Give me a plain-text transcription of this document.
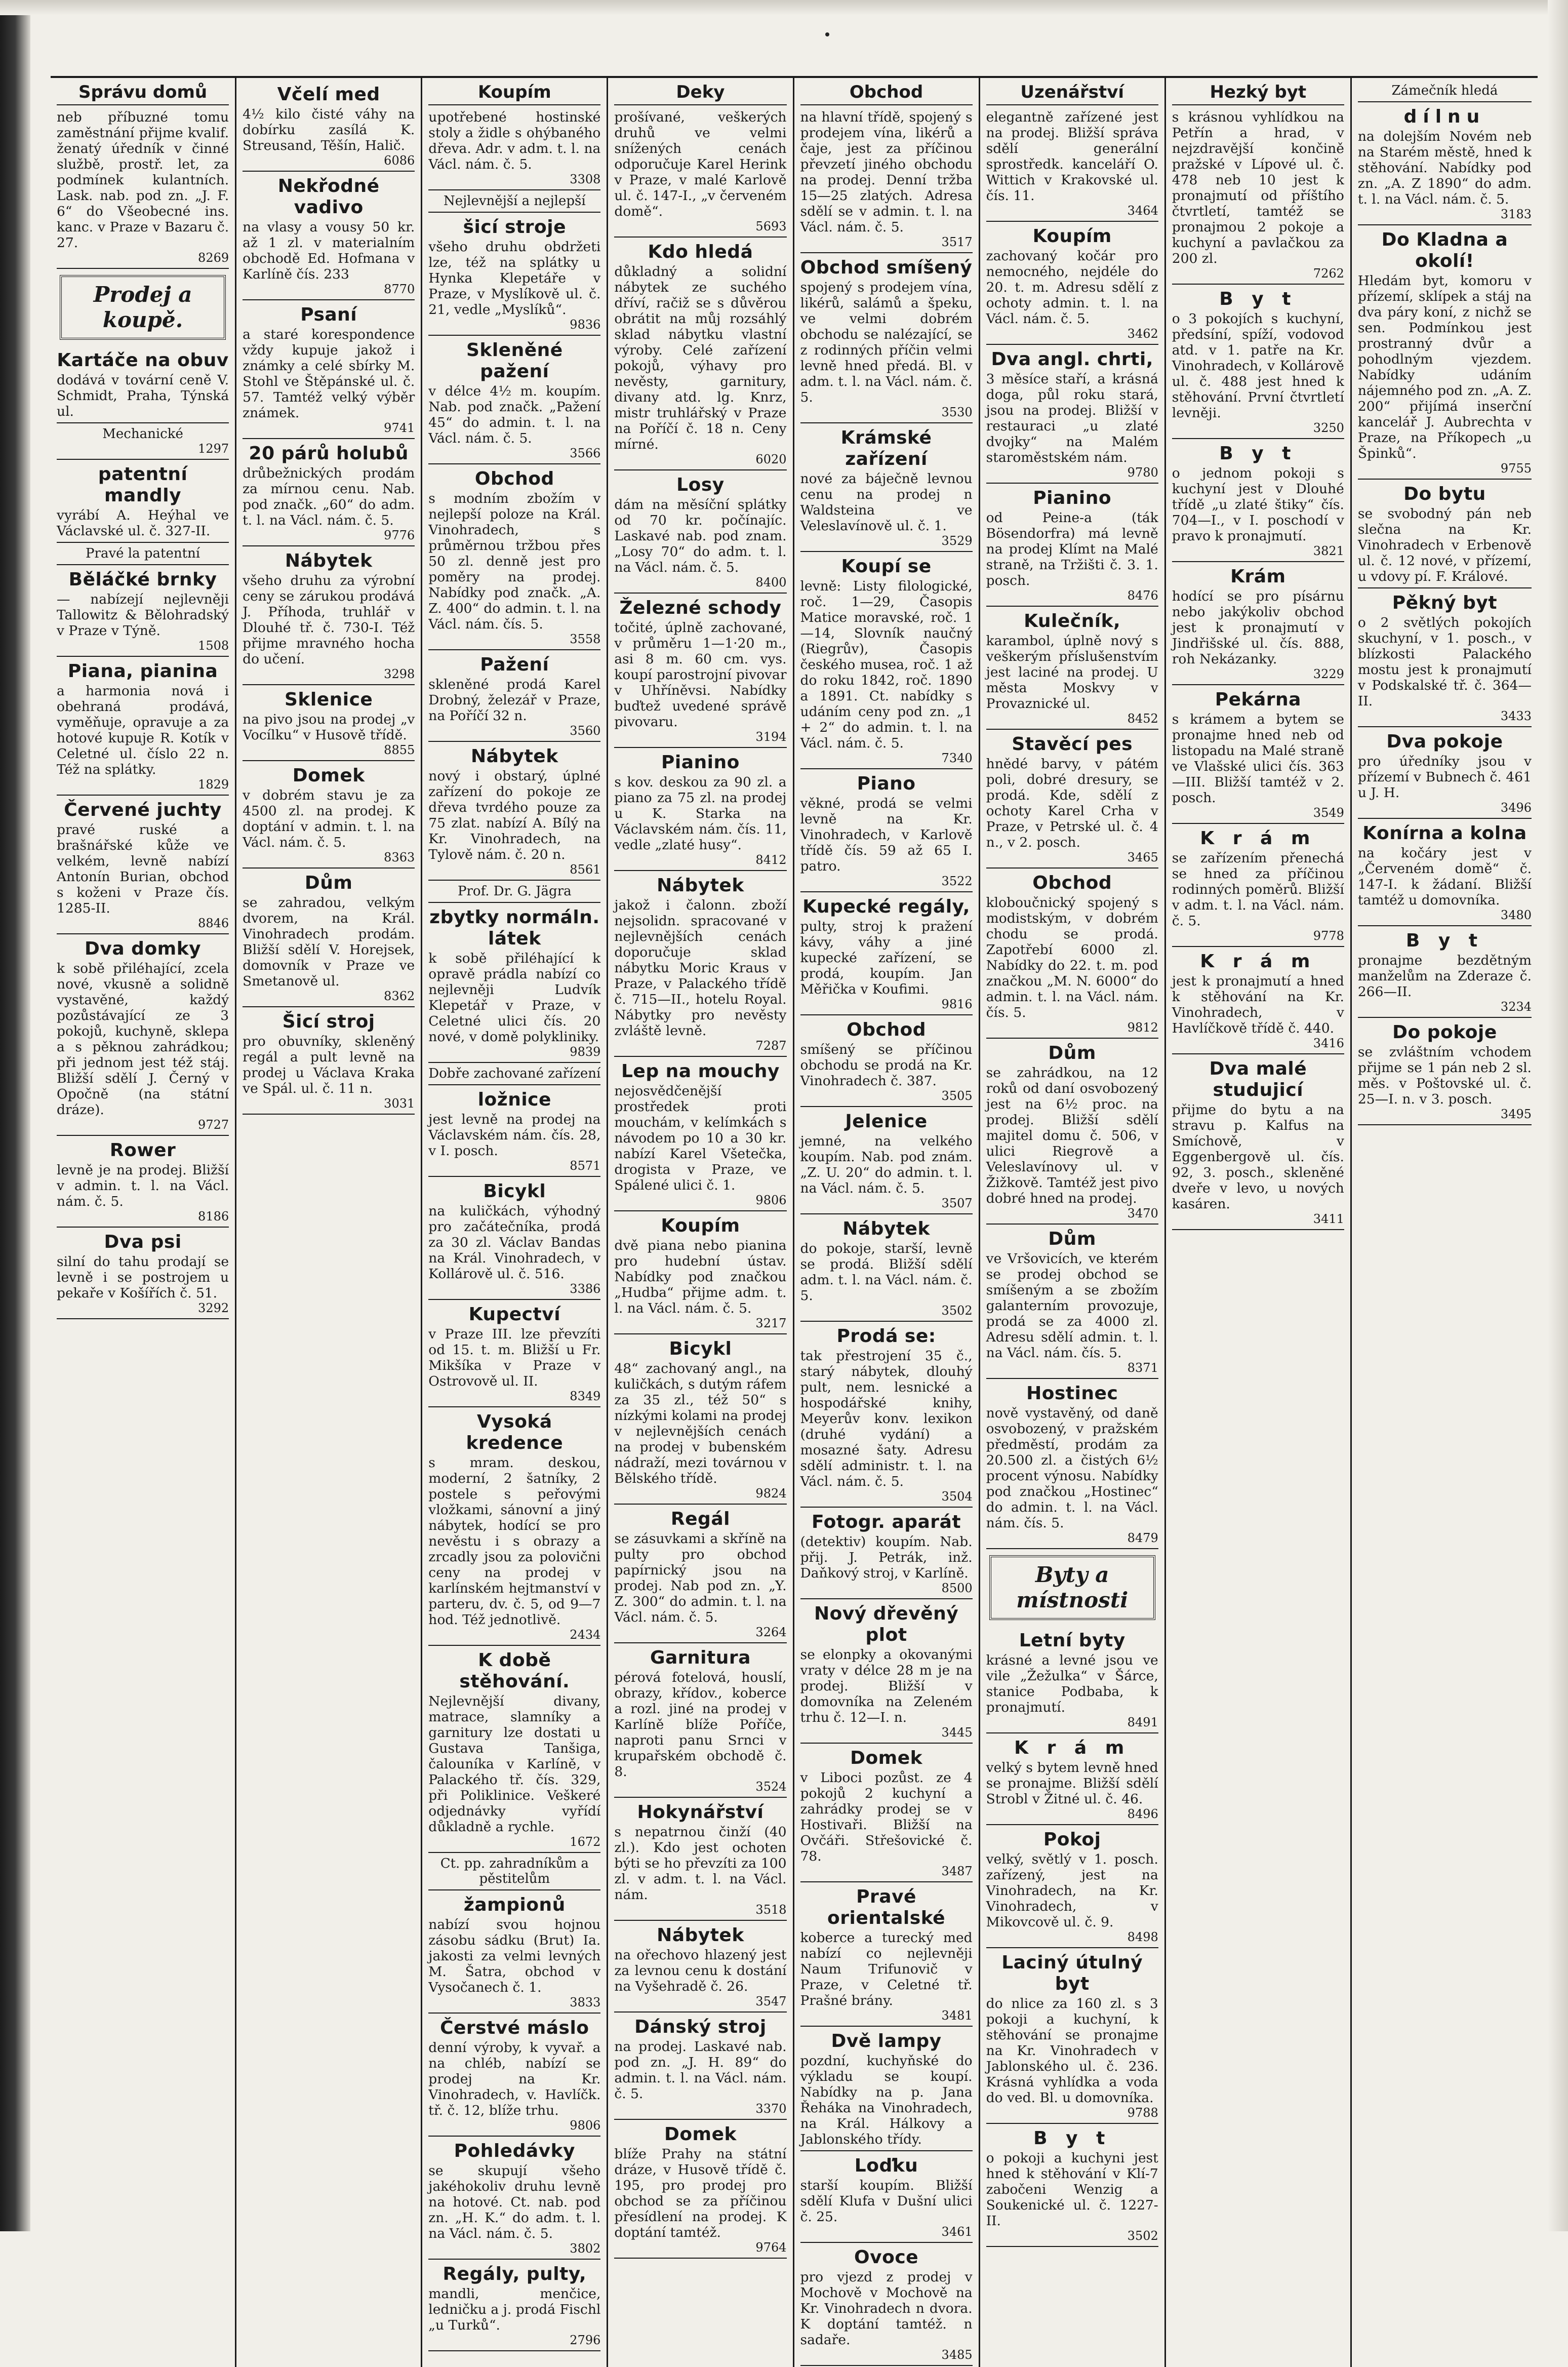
Správu domů
neb příbuzné tomu zaměstnání přijme kvalif. ženatý úředník v činné službě, prostř. let, za podmínek kulantních. Lask. nab. pod zn. „J. F. 6“ do Všeobecné ins. kanc. v Praze v Bazaru č. 27.
8269
Prodej a koupě.
Kartáče na obuv
dodává v tovární ceně V. Schmidt, Praha, Týnská ul.
Mechanické
1297
patentní mandly
vyrábí A. Heýhal ve Václavské ul. č. 327-II.
Pravé la patentní
Běláčké brnky
— nabízejí nejlevněji Tallowitz & Bělohradský v Praze v Týně.
1508
Piana, pianina
a harmonia nová i obehraná prodává, vyměňuje, opravuje a za hotové kupuje R. Kotík v Celetné ul. číslo 22 n. Též na splátky.
1829
Červené juchty
pravé ruské a brašnářské kůže ve velkém, levně nabízí Antonín Burian, obchod s koženi v Praze čís. 1285-II.
8846
Dva domky
k sobě přiléhající, zcela nové, vkusně a solidně vystavěné, každý pozůstávající ze 3 pokojů, kuchyně, sklepa a s pěknou zahrádkou; při jednom jest též stáj. Bližší sdělí J. Černý v Opočně (na státní dráze).
9727
Rower
levně je na prodej. Bližší v admin. t. l. na Václ. nám. č. 5.
8186
Dva psi
silní do tahu prodají se levně i se postrojem u pekaře v Košířích č. 51.
3292
Včelí med
4½ kilo čisté váhy na dobírku zasílá K. Streusand, Těšín, Halič.
6086
Nekřodné vadivo
na vlasy a vousy 50 kr. až 1 zl. v materialním obchodě Ed. Hofmana v Karlíně čís. 233
8770
Psaní
a staré korespondence vždy kupuje jakož i známky a celé sbírky M. Stohl ve Štěpánské ul. č. 57. Tamtéž velký výběr známek.
9741
20 párů holubů
drůbežnických prodám za mírnou cenu. Nab. pod značk. „60“ do adm. t. l. na Václ. nám. č. 5.
9776
Nábytek
všeho druhu za výrobní ceny se zárukou prodává J. Příhoda, truhlář v Dlouhé tř. č. 730-I. Též přijme mravného hocha do učení.
3298
Sklenice
na pivo jsou na prodej „v Vocílku“ v Husově třídě.
8855
Domek
v dobrém stavu je za 4500 zl. na prodej. K doptání v admin. t. l. na Václ. nám. č. 5.
8363
Dům
se zahradou, velkým dvorem, na Král. Vinohradech prodám. Bližší sdělí V. Horejsek, domovník v Praze ve Smetanově ul.
8362
Šicí stroj
pro obuvníky, skleněný regál a pult levně na prodej u Václava Kraka ve Spál. ul. č. 11 n.
3031
Koupím
upotřebené hostinské stoly a židle s ohýbaného dřeva. Adr. v adm. t. l. na Václ. nám. č. 5.
3308
Nejlevnější a nejlepší
šicí stroje
všeho druhu obdržeti lze, též na splátky u Hynka Klepetáře v Praze, v Myslíkově ul. č. 21, vedle „Myslíků“.
9836
Skleněné pažení
v délce 4½ m. koupím. Nab. pod značk. „Pažení 45“ do admin. t. l. na Václ. nám. č. 5.
3566
Obchod
s modním zbožím v nejlepší poloze na Král. Vinohradech, s průměrnou tržbou přes 50 zl. denně jest pro poměry na prodej. Nabídky pod značk. „A. Z. 400“ do admin. t. l. na Václ. nám. čís. 5.
3558
Pažení
skleněné prodá Karel Drobný, železář v Praze, na Poříčí 32 n.
3560
Nábytek
nový i obstarý, úplné zařízení do pokoje ze dřeva tvrdého pouze za 75 zlat. nabízí A. Bílý na Kr. Vinohradech, na Tylově nám. č. 20 n.
8561
Prof. Dr. G. Jägra
zbytky normáln. látek
k sobě přiléhající k opravě prádla nabízí co nejlevněji Ludvík Klepetář v Praze, v Celetné ulici čís. 20 nové, v domě polykliniky.
9839
Dobře zachované zařízení
ložnice
jest levně na prodej na Václavském nám. čís. 28, v I. posch.
8571
Bicykl
na kuličkách, výhodný pro začátečníka, prodá za 30 zl. Václav Bandas na Král. Vinohradech, v Kollárově ul. č. 516.
3386
Kupectví
v Praze III. lze převzíti od 15. t. m. Bližší u Fr. Mikšíka v Praze v Ostrovově ul. II.
8349
Vysoká kredence
s mram. deskou, moderní, 2 šatníky, 2 postele s peřovými vložkami, sánovní a jiný nábytek, hodící se pro nevěstu i s obrazy a zrcadly jsou za polovični ceny na prodej v karlínském hejtmanství v parteru, dv. č. 5, od 9—7 hod. Též jednotlivě.
2434
K době stěhování.
Nejlevnější divany, matrace, slamníky a garnitury lze dostati u Gustava Tanšiga, čalouníka v Karlíně, v Palackého tř. čís. 329, při Poliklinice. Veškeré odjednávky vyřídí důkladně a rychle.
1672
Ct. pp. zahradníkům a pěstitelům
žampionů
nabízí svou hojnou zásobu sádku (Brut) Ia. jakosti za velmi levných M. Šatra, obchod v Vysočanech č. 1.
3833
Čerstvé máslo
denní výroby, k vyvař. a na chléb, nabízí se prodej na Kr. Vinohradech, v. Havlíčk. tř. č. 12, blíže trhu.
9806
Pohledávky
se skupují všeho jakéhokoliv druhu levně na hotové. Ct. nab. pod zn. „H. K.“ do adm. t. l. na Václ. nám. č. 5.
3802
Regály, pulty,
mandli, menčice, ledničku a j. prodá Fischl „u Turků“.
2796
Deky
prošívané, veškerých druhů ve velmi snížených cenách odporučuje Karel Herink v Praze, v malé Karlově ul. č. 147-I., „v červeném domě“.
5693
Kdo hledá
důkladný a solidní nábytek ze suchého dříví, račiž se s důvěrou obrátit na můj rozsáhlý sklad nábytku vlastní výroby. Celé zařízení pokojů, výhavy pro nevěsty, garnitury, divany atd. lg. Knrz, mistr truhlářský v Praze na Poříčí č. 18 n. Ceny mírné.
6020
Losy
dám na měsíční splátky od 70 kr. počínajíc. Laskavé nab. pod znam. „Losy 70“ do adm. t. l. na Václ. nám. č. 5.
8400
Železné schody
točité, úplně zachované, v průměru 1—1·20 m., asi 8 m. 60 cm. vys. koupí parostrojní pivovar v Uhříněvsi. Nabídky buďtež uvedené správě pivovaru.
3194
Pianino
s kov. deskou za 90 zl. a piano za 75 zl. na prodej u K. Starka na Václavském nám. čís. 11, vedle „zlaté husy“.
8412
Nábytek
jakož i čalonn. zboží nejsolidn. spracované v nejlevnějších cenách doporučuje sklad nábytku Moric Kraus v Praze, v Palackého třídě č. 715—II., hotelu Royal. Nábytky pro nevěsty zvláště levně.
7287
Lep na mouchy
nejosvědčenější prostředek proti mouchám, v kelímkách s návodem po 10 a 30 kr. nabízí Karel Všetečka, drogista v Praze, ve Spálené ulici č. 1.
9806
Koupím
dvě piana nebo pianina pro hudební ústav. Nabídky pod značkou „Hudba“ přijme adm. t. l. na Václ. nám. č. 5.
3217
Bicykl
48“ zachovaný angl., na kuličkách, s dutým ráfem za 35 zl., též 50“ s nízkými kolami na prodej v nejlevnějších cenách na prodej v bubenském nádraží, mezi továrnou v Bělského třídě.
9824
Regál
se zásuvkami a skříně na pulty pro obchod papírnický jsou na prodej. Nab pod zn. „Y. Z. 300“ do admin. t. l. na Václ. nám. č. 5.
3264
Garnitura
pérová fotelová, houslí, obrazy, křídov., koberce a rozl. jiné na prodej v Karlíně blíže Poříče, naproti panu Srnci v krupařském obchodě č. 8.
3524
Hokynářství
s nepatrnou činží (40 zl.). Kdo jest ochoten býti se ho převzíti za 100 zl. v adm. t. l. na Václ. nám.
3518
Nábytek
na ořechovo hlazený jest za levnou cenu k dostání na Vyšehradě č. 26.
3547
Dánský stroj
na prodej. Laskavé nab. pod zn. „J. H. 89“ do admin. t. l. na Václ. nám. č. 5.
3370
Domek
blíže Prahy na státní dráze, v Husově třídě č. 195, pro prodej pro obchod se za příčinou přesídlení na prodej. K doptání tamtéž.
9764
Obchod
na hlavní třídě, spojený s prodejem vína, likérů a čaje, jest za příčinou převzetí jiného obchodu na prodej. Denní tržba 15—25 zlatých. Adresa sdělí se v admin. t. l. na Václ. nám. č. 5.
3517
Obchod smíšený
spojený s prodejem vína, likérů, salámů a špeku, ve velmi dobrém obchodu se nalézající, se z rodinných příčin velmi levně hned předá. Bl. v adm. t. l. na Václ. nám. č. 5.
3530
Krámské zařízení
nové za báječně levnou cenu na prodej n Waldsteina ve Veleslavínově ul. č. 1.
3529
Koupí se
levně: Listy filologické, roč. 1—29, Časopis Matice moravské, roč. 1—14, Slovník naučný (Riegrův), Časopis českého musea, roč. 1 až do roku 1842, roč. 1890 a 1891. Ct. nabídky s udáním ceny pod zn. „1 + 2“ do admin. t. l. na Václ. nám. č. 5.
7340
Piano
věkné, prodá se velmi levně na Kr. Vinohradech, v Karlově třídě čís. 59 až 65 I. patro.
3522
Kupecké regály,
pulty, stroj k pražení kávy, váhy a jiné kupecké zařízení, se prodá, koupím. Jan Měřička v Koufimi.
9816
Obchod
smíšený se příčinou obchodu se prodá na Kr. Vinohradech č. 387.
3505
Jelenice
jemné, na velkého koupím. Nab. pod znám. „Z. U. 20“ do admin. t. l. na Václ. nám. č. 5.
3507
Nábytek
do pokoje, starší, levně se prodá. Bližší sdělí adm. t. l. na Václ. nám. č. 5.
3502
Prodá se:
tak přestrojení 35 č., starý nábytek, dlouhý pult, nem. lesnické a hospodářské knihy, Meyerův konv. lexikon (druhé vydání) a mosazné šaty. Adresu sdělí administr. t. l. na Václ. nám. č. 5.
3504
Fotogr. aparát
(detektiv) koupím. Nab. přij. J. Petrák, inž. Daňkový stroj, v Karlíně.
8500
Nový dřevěný plot
se elonpky a okovanými vraty v délce 28 m je na prodej. Bližší v domovníka na Zeleném trhu č. 12—I. n.
3445
Domek
v Liboci pozůst. ze 4 pokojů 2 kuchyní a zahrádky prodej se v Hostivaři. Bližší na Ovčáři. Střešovické č. 78.
3487
Pravé orientalské
koberce a turecký med nabízí co nejlevněji Naum Trifunovič v Praze, v Celetné tř. Prašné brány.
3481
Dvě lampy
pozdní, kuchyňské do výkladu se koupí. Nabídky na p. Jana Řeháka na Vinohradech, na Král. Hálkovy a Jablonského třídy.
Loďku
starší koupím. Bližší sdělí Klufa v Dušní ulici č. 25.
3461
Ovoce
pro vjezd z prodej v Mochově v Mochově na Kr. Vinohradech n dvora. K doptání tamtéž. n sadaře.
3485
Uzenářství
elegantně zařízené jest na prodej. Bližší správa sdělí generální sprostředk. kanceláří O. Wittich v Krakovské ul. čís. 11.
3464
Koupím
zachovaný kočár pro nemocného, nejdéle do 20. t. m. Adresu sdělí z ochoty admin. t. l. na Václ. nám. č. 5.
3462
Dva angl. chrti,
3 měsíce staří, a krásná doga, půl roku stará, jsou na prodej. Bližší v restauraci „u zlaté dvojky“ na Malém staroměstském nám.
9780
Pianino
od Peine-a (ták Bösendorfra) má levně na prodej Klímt na Malé straně, na Tržišti č. 3. 1. posch.
8476
Kulečník,
karambol, úplně nový s veškerým příslušenstvím jest laciné na prodej. U města Moskvy v Provaznické ul.
8452
Stavěcí pes
hnědé barvy, v pátém poli, dobré dresury, se prodá. Kde, sdělí z ochoty Karel Crha v Praze, v Petrské ul. č. 4 n., v 2. posch.
3465
Obchod
kloboučnický spojený s modistským, v dobrém chodu se prodá. Zapotřebí 6000 zl. Nabídky do 22. t. m. pod značkou „M. N. 6000“ do admin. t. l. na Václ. nám. čís. 5.
9812
Dům
se zahrádkou, na 12 roků od daní osvobozený jest na 6½ proc. na prodej. Bližší sdělí majitel domu č. 506, v ulici Riegrově a Veleslavínovy ul. v Žižkově. Tamtéž jest pivo dobré hned na prodej.
3470
Dům
ve Vršovicích, ve kterém se prodej obchod se smíšeným a se zbožím galanterním provozuje, prodá se za 4000 zl. Adresu sdělí admin. t. l. na Václ. nám. čís. 5.
8371
Hostinec
nově vystavěný, od daně osvobozený, v pražském předměstí, prodám za 20.500 zl. a čistých 6½ procent výnosu. Nabídky pod značkou „Hostinec“ do admin. t. l. na Václ. nám. čís. 5.
8479
Byty a místnosti
Letní byty
krásné a levné jsou ve vile „Žežulka“ v Šárce, stanice Podbaba, k pronajmutí.
8491
K r á m
velký s bytem levně hned se pronajme. Bližší sdělí Strobl v Žitné ul. č. 46.
8496
Pokoj
velký, světlý v 1. posch. zařízený, jest na Vinohradech, na Kr. Vinohradech, v Mikovcově ul. č. 9.
8498
Laciný útulný byt
do nlice za 160 zl. s 3 pokoji a kuchyní, k stěhování se pronajme na Kr. Vinohradech v Jablonského ul. č. 236. Krásná vyhlídka a voda do ved. Bl. u domovníka.
9788
B y t
o pokoji a kuchyni jest hned k stěhování v Klí-7 zabočeni Wenzig a Soukenické ul. č. 1227-II.
3502
Hezký byt
s krásnou vyhlídkou na Petřín a hrad, v nejzdravější končině pražské v Lípové ul. č. 478 neb 10 jest k pronajmutí od příštího čtvrtletí, tamtéž se pronajmou 2 pokoje a kuchyní a pavlačkou za 200 zl.
7262
B y t
o 3 pokojích s kuchyní, předsíní, spíží, vodovod atd. v 1. patře na Kr. Vinohradech, v Kollárově ul. č. 488 jest hned k stěhování. První čtvrtletí levněji.
3250
B y t
o jednom pokoji s kuchyní jest v Dlouhé třídě „u zlaté štiky“ čís. 704—I., v I. poschodí v pravo k pronajmutí.
3821
Krám
hodící se pro písárnu nebo jakýkoliv obchod jest k pronajmutí v Jindřišské ul. čís. 888, roh Nekázanky.
3229
Pekárna
s krámem a bytem se pronajme hned neb od listopadu na Malé straně ve Vlašské ulici čís. 363—III. Bližší tamtéž v 2. posch.
3549
K r á m
se zařízením přenechá se hned za příčinou rodinných poměrů. Bližší v adm. t. l. na Václ. nám. č. 5.
9778
K r á m
jest k pronajmutí a hned k stěhování na Kr. Vinohradech, v Havlíčkově třídě č. 440.
3416
Dva malé studujicí
přijme do bytu a na stravu p. Kalfus na Smíchově, v Eggenbergově ul. čís. 92, 3. posch., skleněné dveře v levo, u nových kasáren.
3411
Zámečník hledá
dílnu
na dolejším Novém neb na Starém městě, hned k stěhování. Nabídky pod zn. „A. Z 1890“ do adm. t. l. na Václ. nám. č. 5.
3183
Do Kladna a okolí!
Hledám byt, komoru v přízemí, sklípek a stáj na dva páry koní, z nichž se sen. Podmínkou jest prostranný dvůr a pohodlným vjezdem. Nabídky udáním nájemného pod zn. „A. Z. 200“ přijímá inserční kancelář J. Aubrechta v Praze, na Příkopech „u Špinků“.
9755
Do bytu
se svobodný pán neb slečna na Kr. Vinohradech v Erbenově ul. č. 12 nové, v přízemí, u vdovy pí. F. Králové.
Pěkný byt
o 2 světlých pokojích skuchyní, v 1. posch., v blízkosti Palackého mostu jest k pronajmutí v Podskalské tř. č. 364—II.
3433
Dva pokoje
pro úředníky jsou v přízemí v Bubnech č. 461 u J. H.
3496
Konírna a kolna
na kočáry jest v „Červeném domě“ č. 147-I. k žádaní. Bližší tamtéž u domovníka.
3480
B y t
pronajme bezdětným manželům na Zderaze č. 266—II.
3234
Do pokoje
se zvláštním vchodem přijme se 1 pán neb 2 sl. měs. v Poštovské ul. č. 25—I. n. v 3. posch.
3495
